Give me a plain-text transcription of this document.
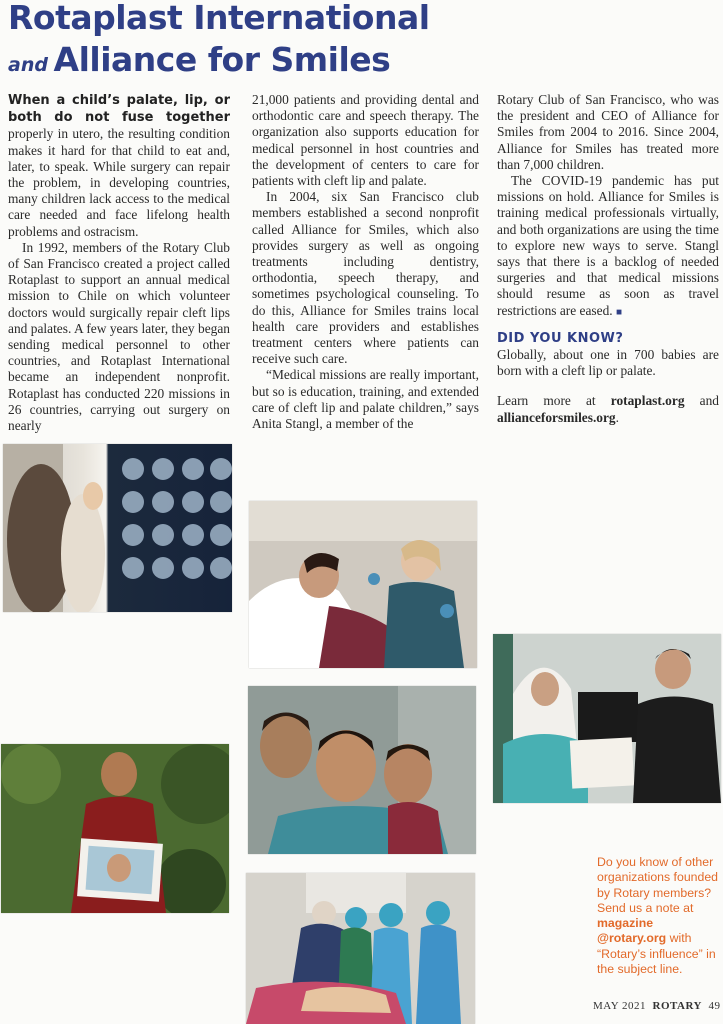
Rotaplast International
and Alliance for Smiles

When a child’s palate, lip, or both do not fuse together properly in utero, the resulting condition makes it hard for that child to eat and, later, to speak. While surgery can repair the problem, in developing countries, many children lack access to the medical care needed and face lifelong health problems and ostracism.

In 1992, members of the Rotary Club of San Francisco created a project called Rotaplast to support an annual medical mission to Chile on which volunteer doctors would surgically repair cleft lips and palates. A few years later, they began sending medical personnel to other countries, and Rotaplast International became an independent nonprofit. Rotaplast has conducted 220 missions in 26 countries, carrying out surgery on nearly

21,000 patients and providing dental and orthodontic care and speech therapy. The organization also supports education for medical personnel in host countries and the development of centers to care for patients with cleft lip and palate.

In 2004, six San Francisco club members established a second nonprofit called Alliance for Smiles, which also provides surgery as well as ongoing treatments including dentistry, orthodontia, speech therapy, and sometimes psychological counseling. To do this, Alliance for Smiles trains local health care providers and establishes treatment centers where patients can receive such care.

“Medical missions are really important, but so is education, training, and extended care of cleft lip and palate children,” says Anita Stangl, a member of the

Rotary Club of San Francisco, who was the president and CEO of Alliance for Smiles from 2004 to 2016. Since 2004, Alliance for Smiles has treated more than 7,000 children.

The COVID-19 pandemic has put missions on hold. Alliance for Smiles is training medical professionals virtually, and both organizations are using the time to explore new ways to serve. Stangl says that there is a backlog of needed surgeries and that medical missions should resume as soon as travel restrictions are eased. ■

DID YOU KNOW?

Globally, about one in 700 babies are born with a cleft lip or palate.

Learn more at rotaplast.org and allianceforsmiles.org.

Do you know of other organizations founded by Rotary members? Send us a note at magazine @rotary.org with “Rotary’s influence” in the subject line.
MAY 2021 ROTARY 49
